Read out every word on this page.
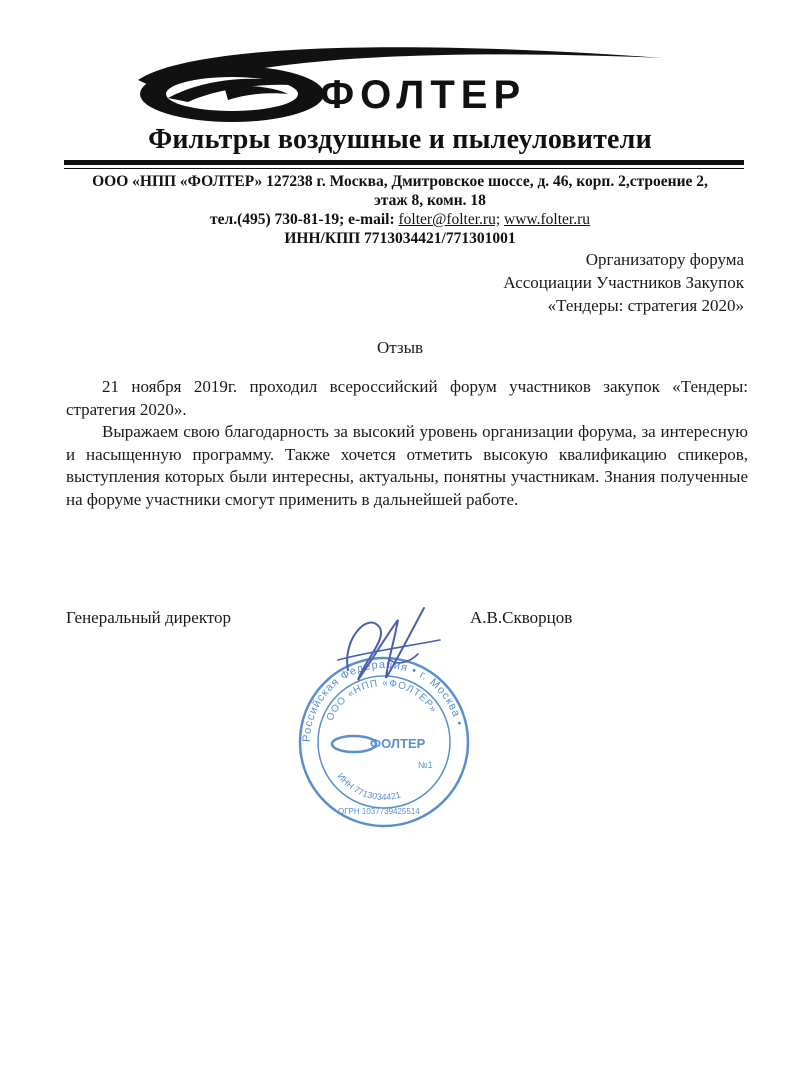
ФОЛТЕР
Фильтры воздушные и пылеуловители
ООО «НПП «ФОЛТЕР» 127238 г. Москва, Дмитровское шоссе, д. 46, корп. 2,строение 2,
этаж 8, комн. 18
тел.(495) 730-81-19; e-mail: folter@folter.ru; www.folter.ru
ИНН/КПП 7713034421/771301001
Организатору форума
Ассоциации Участников Закупок
«Тендеры: стратегия 2020»
Отзыв

21 ноября 2019г. проходил всероссийский форум участников закупок «Тендеры: стратегия 2020».

Выражаем свою благодарность за высокий уровень организации форума, за интересную и насыщенную программу. Также хочется отметить высокую квалификацию спикеров, выступления которых были интересны, актуальны, понятны участникам. Знания полученные на форуме участники смогут применить в дальнейшей работе.

Генеральный директор	А.В.Скворцов
Российская Федерация • г. Москва •
ООО «НПП «ФОЛТЕР»
ФОЛТЕР
№1
ИНН 7713034421
ОГРН 1037739425514
